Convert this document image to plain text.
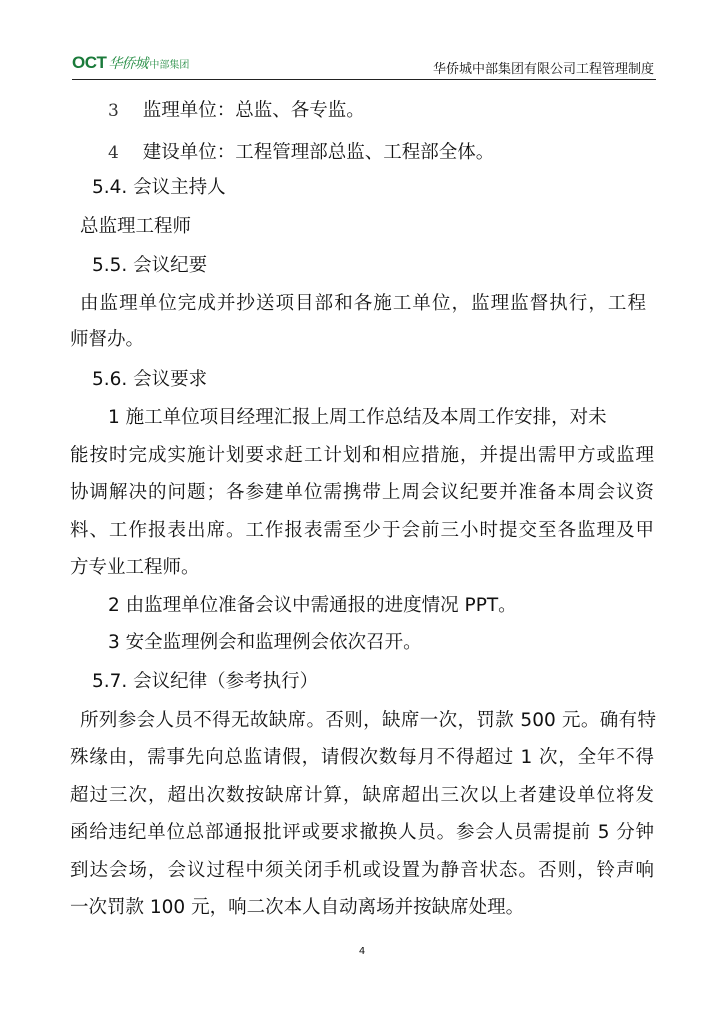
OCT 华侨城 中部集团	华侨城中部集团有限公司工程管理制度
3 监理单位：总监、各专监。
4 建设单位：工程管理部总监、工程部全体。
5.4. 会议主持人
总监理工程师
5.5. 会议纪要
由监理单位完成并抄送项目部和各施工单位，监理监督执行，工程
师督办。
5.6. 会议要求
1 施工单位项目经理汇报上周工作总结及本周工作安排，对未
能按时完成实施计划要求赶工计划和相应措施，并提出需甲方或监理
协调解决的问题；各参建单位需携带上周会议纪要并准备本周会议资
料、工作报表出席。工作报表需至少于会前三小时提交至各监理及甲
方专业工程师。
2 由监理单位准备会议中需通报的进度情况 PPT。
3 安全监理例会和监理例会依次召开。
5.7. 会议纪律（参考执行）
所列参会人员不得无故缺席。否则，缺席一次，罚款 500 元。确有特
殊缘由，需事先向总监请假，请假次数每月不得超过 1 次，全年不得
超过三次，超出次数按缺席计算，缺席超出三次以上者建设单位将发
函给违纪单位总部通报批评或要求撤换人员。参会人员需提前 5 分钟
到达会场，会议过程中须关闭手机或设置为静音状态。否则，铃声响
一次罚款 100 元，响二次本人自动离场并按缺席处理。
4
